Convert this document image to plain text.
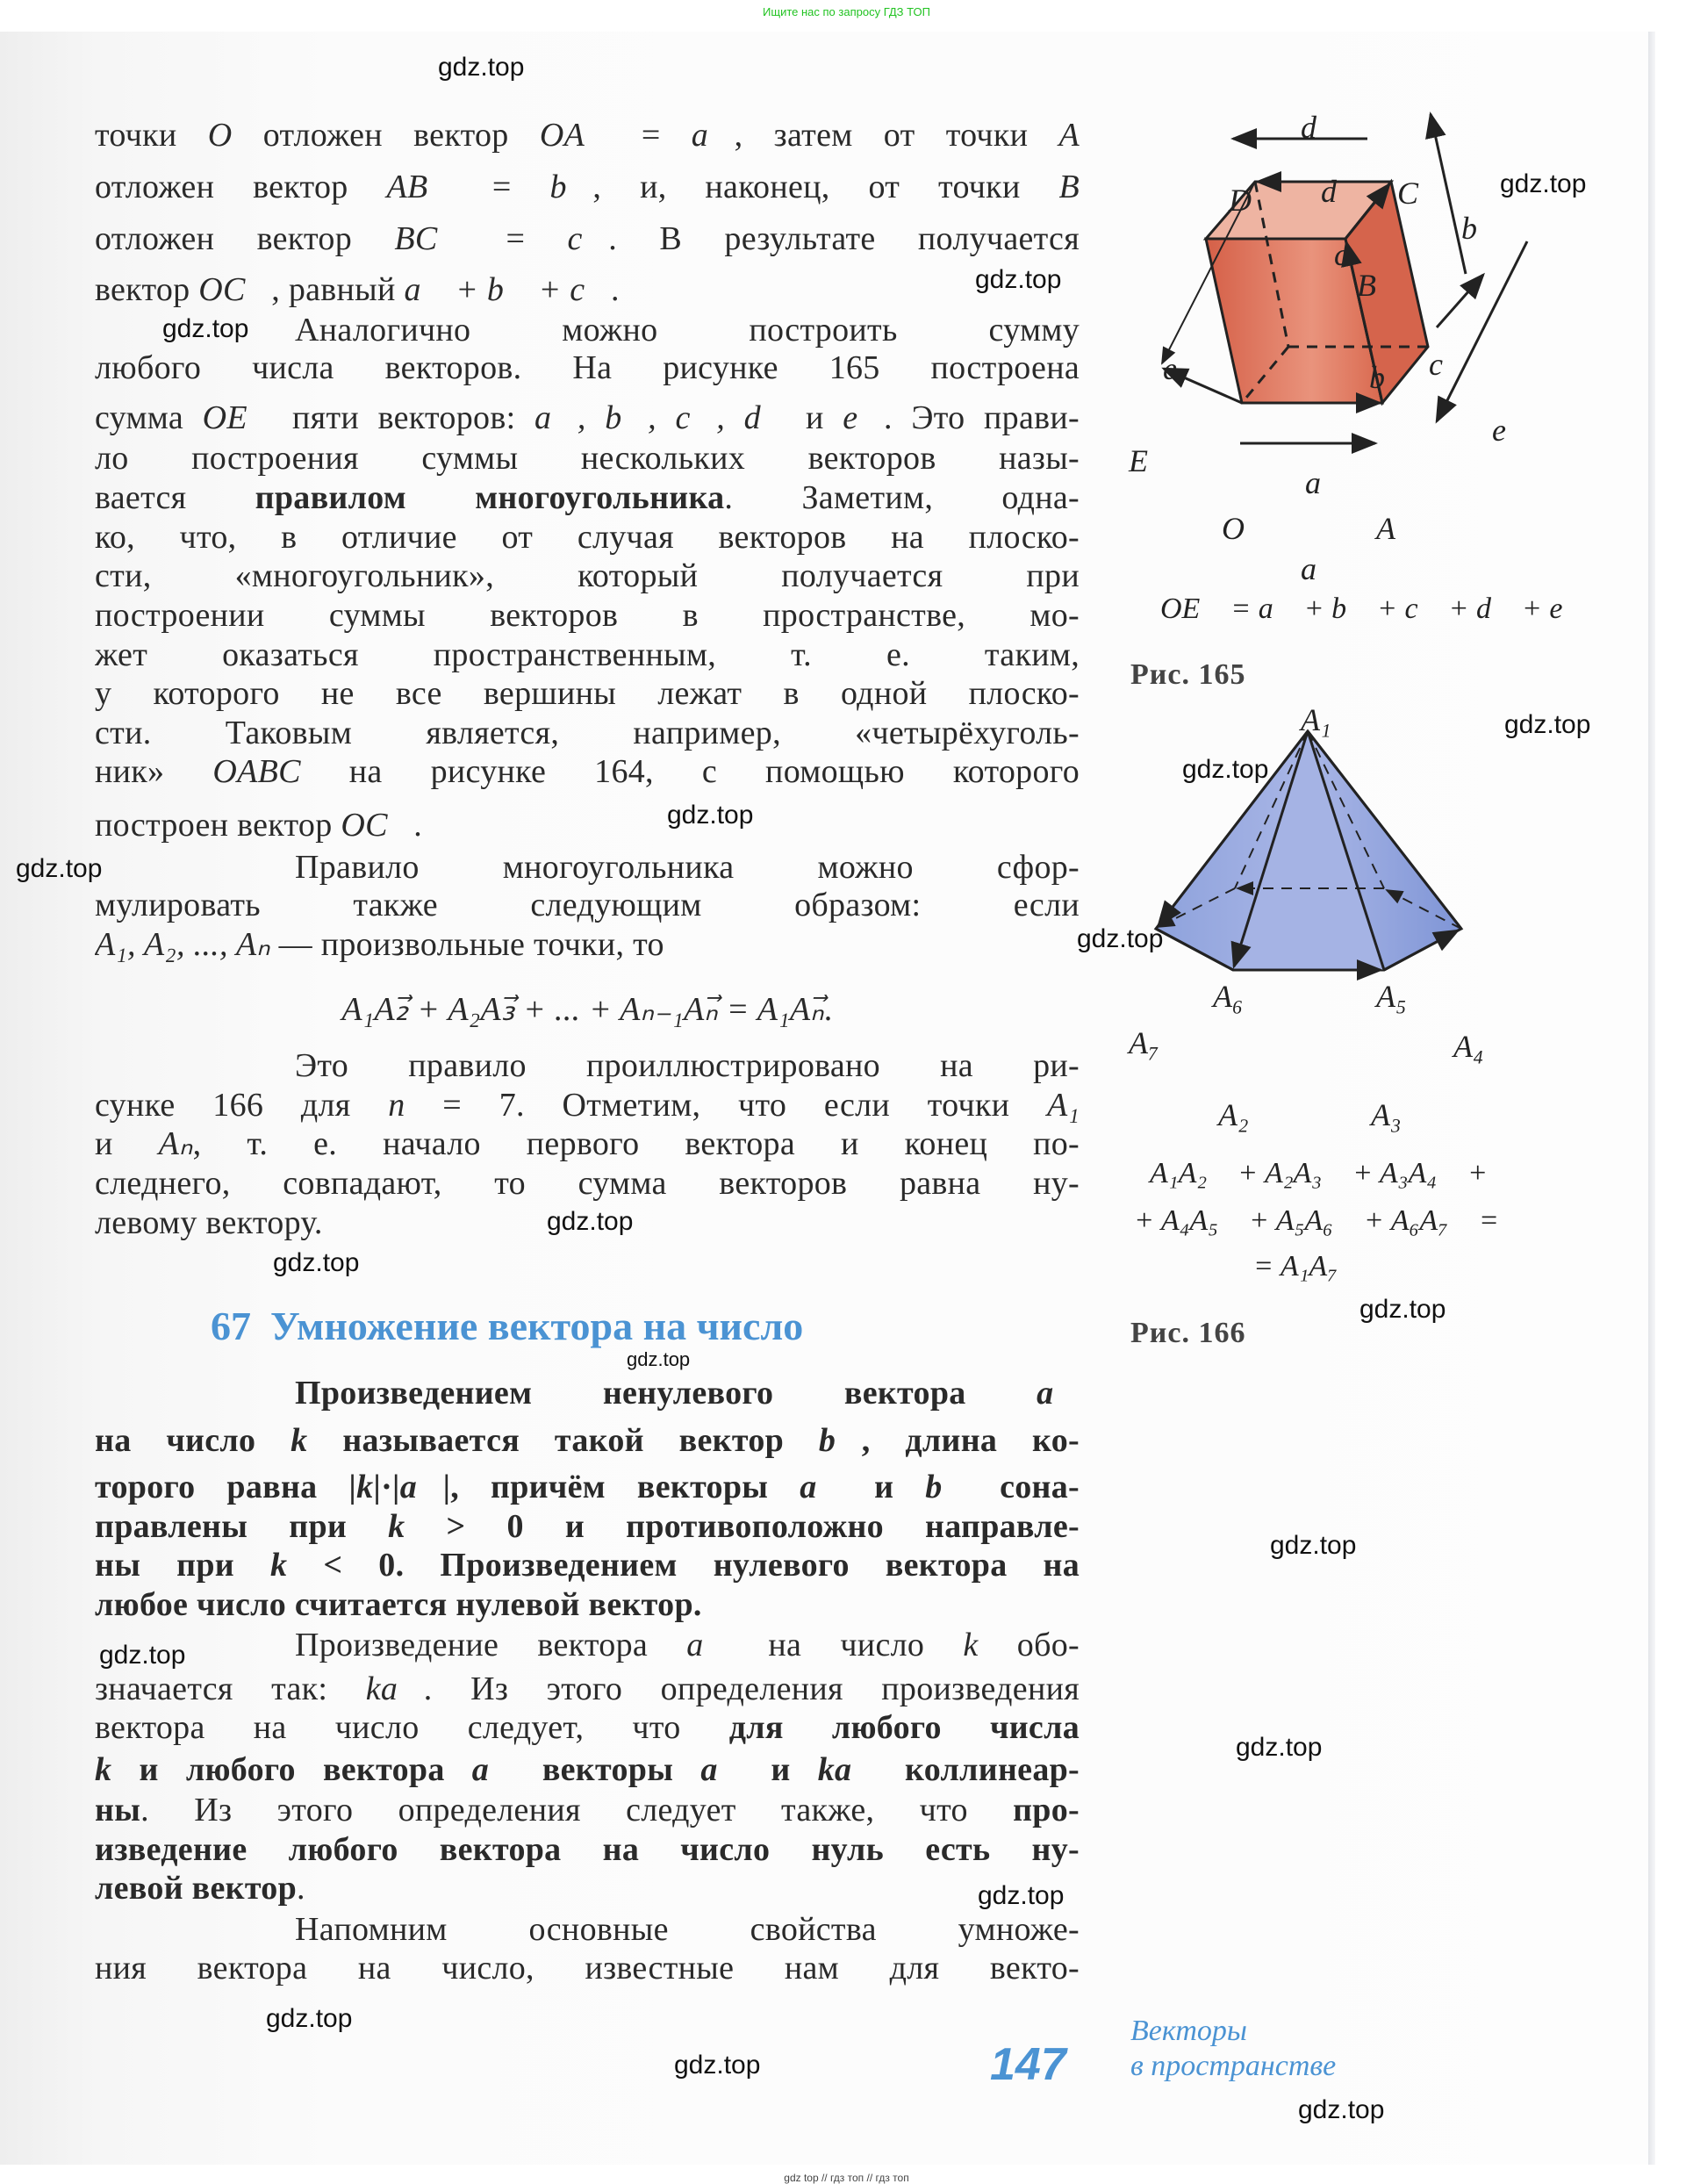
Ищите нас по запросу ГДЗ ТОП
gdz top // гдз топ // гдз топ
точки O отложен вектор OA⃗ = a⃗, затем от точки A
отложен вектор AB⃗ = b⃗, и, наконец, от точки B
отложен вектор BC⃗ = c⃗. В результате получается
вектор OC⃗, равный a⃗ + b⃗ + c⃗.
Аналогично можно построить сумму
любого числа векторов. На рисунке 165 построена
сумма OE⃗ пяти векторов: a⃗, b⃗, c⃗, d⃗ и e⃗. Это прави-
ло построения суммы нескольких векторов назы-
вается правилом многоугольника. Заметим, одна-
ко, что, в отличие от случая векторов на плоско-
сти, «многоугольник», который получается при
построении суммы векторов в пространстве, мо-
жет оказаться пространственным, т. е. таким,
у которого не все вершины лежат в одной плоско-
сти. Таковым является, например, «четырёхуголь-
ник» OABC на рисунке 164, с помощью которого
построен вектор OC⃗.
Правило многоугольника можно сфор-
мулировать также следующим образом: если
A₁, A₂, ..., Aₙ — произвольные точки, то
A₁A₂⃗ + A₂A₃⃗ + ... + Aₙ₋₁Aₙ⃗ = A₁Aₙ⃗.
Это правило проиллюстрировано на ри-
сунке 166 для n = 7. Отметим, что если точки A₁
и Aₙ, т. е. начало первого вектора и конец по-
следнего, совпадают, то сумма векторов равна ну-
левому вектору.
Произведением ненулевого вектора a⃗
на число k называется такой вектор b⃗, длина ко-
торого равна |k|·|a⃗|, причём векторы a⃗ и b⃗ сона-
правлены при k > 0 и противоположно направле-
ны при k < 0. Произведением нулевого вектора на
любое число считается нулевой вектор.
Произведение вектора a⃗ на число k обо-
значается так: ka⃗. Из этого определения произведения
вектора на число следует, что для любого числа
k и любого вектора a⃗ векторы a⃗ и ka⃗ коллинеар-
ны. Из этого определения следует также, что про-
изведение любого вектора на число нуль есть ну-
левой вектор.
Напомним основные свойства умноже-
ния вектора на число, известные нам для векто-
67 Умножение вектора на число
D	C
B
E
O	A
d⃗
d⃗
c⃗
b⃗
b⃗ c⃗
e⃗
e⃗
a⃗
a⃗
OE⃗ = a⃗ + b⃗ + c⃗ + d⃗ + e⃗
Рис. 165
A₁
A₇
A₂	A₃
A₄
A₅
A₆
A₁A₂⃗ + A₂A₃⃗ + A₃A₄⃗ +
+ A₄A₅⃗ + A₅A₆⃗ + A₆A₇⃗ =
= A₁A₇⃗
Рис. 166
147
Векторы
в пространстве
gdz.top
gdz.top
gdz.top
gdz.top
gdz.top
gdz.top
gdz.top
gdz.top
gdz.top
gdz.top
gdz.top
gdz.top
gdz.top
gdz.top
gdz.top
gdz.top
gdz.top
gdz.top
gdz.top
gdz.top
